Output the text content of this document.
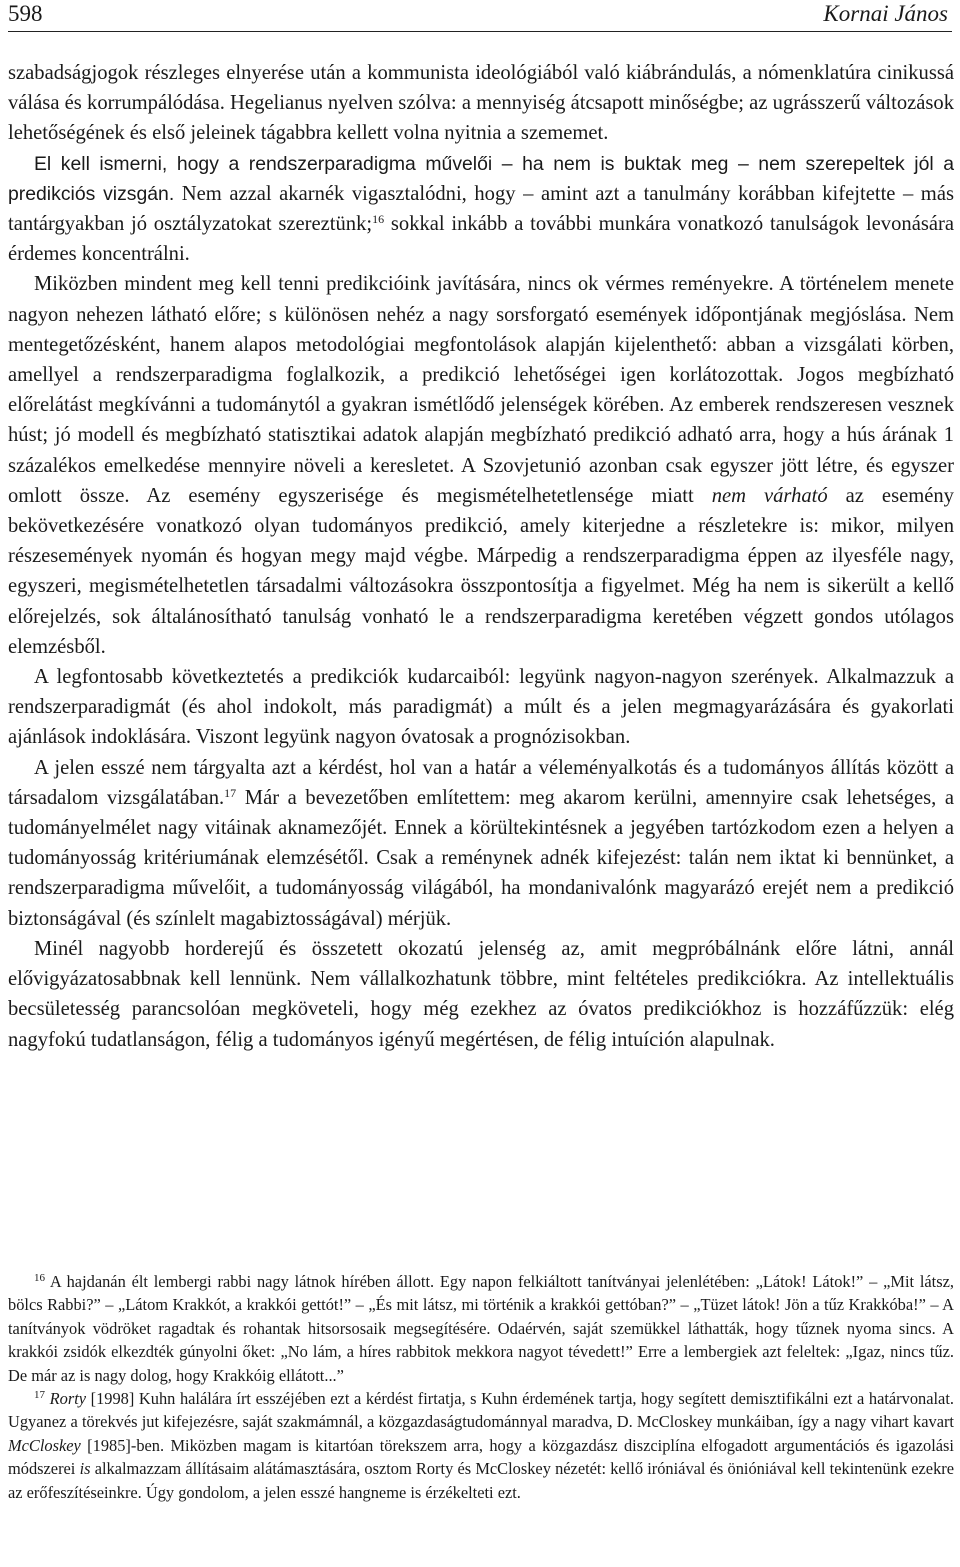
598	Kornai János

szabadságjogok részleges elnyerése után a kommunista ideológiából való kiábrándulás, a nómenklatúra cinikussá válása és korrumpálódása. Hegelianus nyelven szólva: a mennyiség átcsapott minőségbe; az ugrásszerű változások lehetőségének és első jeleinek tágabbra kellett volna nyitnia a szememet.

El kell ismerni, hogy a rendszerparadigma művelői – ha nem is buktak meg – nem szerepeltek jól a predikciós vizsgán. Nem azzal akarnék vigasztalódni, hogy – amint azt a tanulmány korábban kifejtette – más tantárgyakban jó osztályzatokat szereztünk;$^{16}$ sokkal inkább a további munkára vonatkozó tanulságok levonására érdemes koncentrálni.

Miközben mindent meg kell tenni predikcióink javítására, nincs ok vérmes reményekre. A történelem menete nagyon nehezen látható előre; s különösen nehéz a nagy sorsforgató események időpontjának megjóslása. Nem mentegetőzésként, hanem alapos metodológiai megfontolások alapján kijelenthető: abban a vizsgálati körben, amellyel a rendszerparadigma foglalkozik, a predikció lehetőségei igen korlátozottak. Jogos megbízható előrelátást megkívánni a tudománytól a gyakran ismétlődő jelenségek körében. Az emberek rendszeresen vesznek húst; jó modell és megbízható statisztikai adatok alapján megbízható predikció adható arra, hogy a hús árának 1 százalékos emelkedése mennyire növeli a keresletet. A Szovjetunió azonban csak egyszer jött létre, és egyszer omlott össze. Az esemény egyszerisége és megismételhetetlensége miatt nem várható az esemény bekövetkezésére vonatkozó olyan tudományos predikció, amely kiterjedne a részletekre is: mikor, milyen részesemények nyomán és hogyan megy majd végbe. Márpedig a rendszerparadigma éppen az ilyesféle nagy, egyszeri, megismételhetetlen társadalmi változásokra összpontosítja a figyelmet. Még ha nem is sikerült a kellő előrejelzés, sok általánosítható tanulság vonható le a rendszerparadigma keretében végzett gondos utólagos elemzésből.

A legfontosabb következtetés a predikciók kudarcaiból: legyünk nagyon-nagyon szerények. Alkalmazzuk a rendszerparadigmát (és ahol indokolt, más paradigmát) a múlt és a jelen megmagyarázására és gyakorlati ajánlások indoklására. Viszont legyünk nagyon óvatosak a prognózisokban.

A jelen esszé nem tárgyalta azt a kérdést, hol van a határ a véleményalkotás és a tudományos állítás között a társadalom vizsgálatában.$^{17}$ Már a bevezetőben említettem: meg akarom kerülni, amennyire csak lehetséges, a tudományelmélet nagy vitáinak aknamezőjét. Ennek a körültekintésnek a jegyében tartózkodom ezen a helyen a tudományosság kritériumának elemzésétől. Csak a reménynek adnék kifejezést: talán nem iktat ki bennünket, a rendszerparadigma művelőit, a tudományosság világából, ha mondanivalónk magyarázó erejét nem a predikció biztonságával (és színlelt magabiztosságával) mérjük.

Minél nagyobb horderejű és összetett okozatú jelenség az, amit megpróbálnánk előre látni, annál elővigyázatosabbnak kell lennünk. Nem vállalkozhatunk többre, mint feltételes predikciókra. Az intellektuális becsületesség parancsolóan megköveteli, hogy még ezekhez az óvatos predikciókhoz is hozzáfűzzük: elég nagyfokú tudatlanságon, félig a tudományos igényű megértésen, de félig intuíción alapulnak.

$^{16}$ A hajdanán élt lembergi rabbi nagy látnok hírében állott. Egy napon felkiáltott tanítványai jelenlétében: „Látok! Látok!” – „Mit látsz, bölcs Rabbi?” – „Látom Krakkót, a krakkói gettót!” – „És mit látsz, mi történik a krakkói gettóban?” – „Tüzet látok! Jön a tűz Krakkóba!” – A tanítványok vödröket ragadtak és rohantak hitsorsosaik megsegítésére. Odaérvén, saját szemükkel láthatták, hogy tűznek nyoma sincs. A krakkói zsidók elkezdték gúnyolni őket: „No lám, a híres rabbitok mekkora nagyot tévedett!” Erre a lembergiek azt feleltek: „Igaz, nincs tűz. De már az is nagy dolog, hogy Krakkóig ellátott...”

$^{17}$ Rorty [1998] Kuhn halálára írt esszéjében ezt a kérdést firtatja, s Kuhn érdemének tartja, hogy segített demisztifikálni ezt a határvonalat. Ugyanez a törekvés jut kifejezésre, saját szakmámnál, a közgazdaságtudománnyal maradva, D. McCloskey munkáiban, így a nagy vihart kavart McCloskey [1985]-ben. Miközben magam is kitartóan törekszem arra, hogy a közgazdász diszciplína elfogadott argumentációs és igazolási módszerei is alkalmazzam állításaim alátámasztására, osztom Rorty és McCloskey nézetét: kellő iróniával és önióniával kell tekintenünk ezekre az erőfeszítéseinkre. Úgy gondolom, a jelen esszé hangneme is érzékelteti ezt.
